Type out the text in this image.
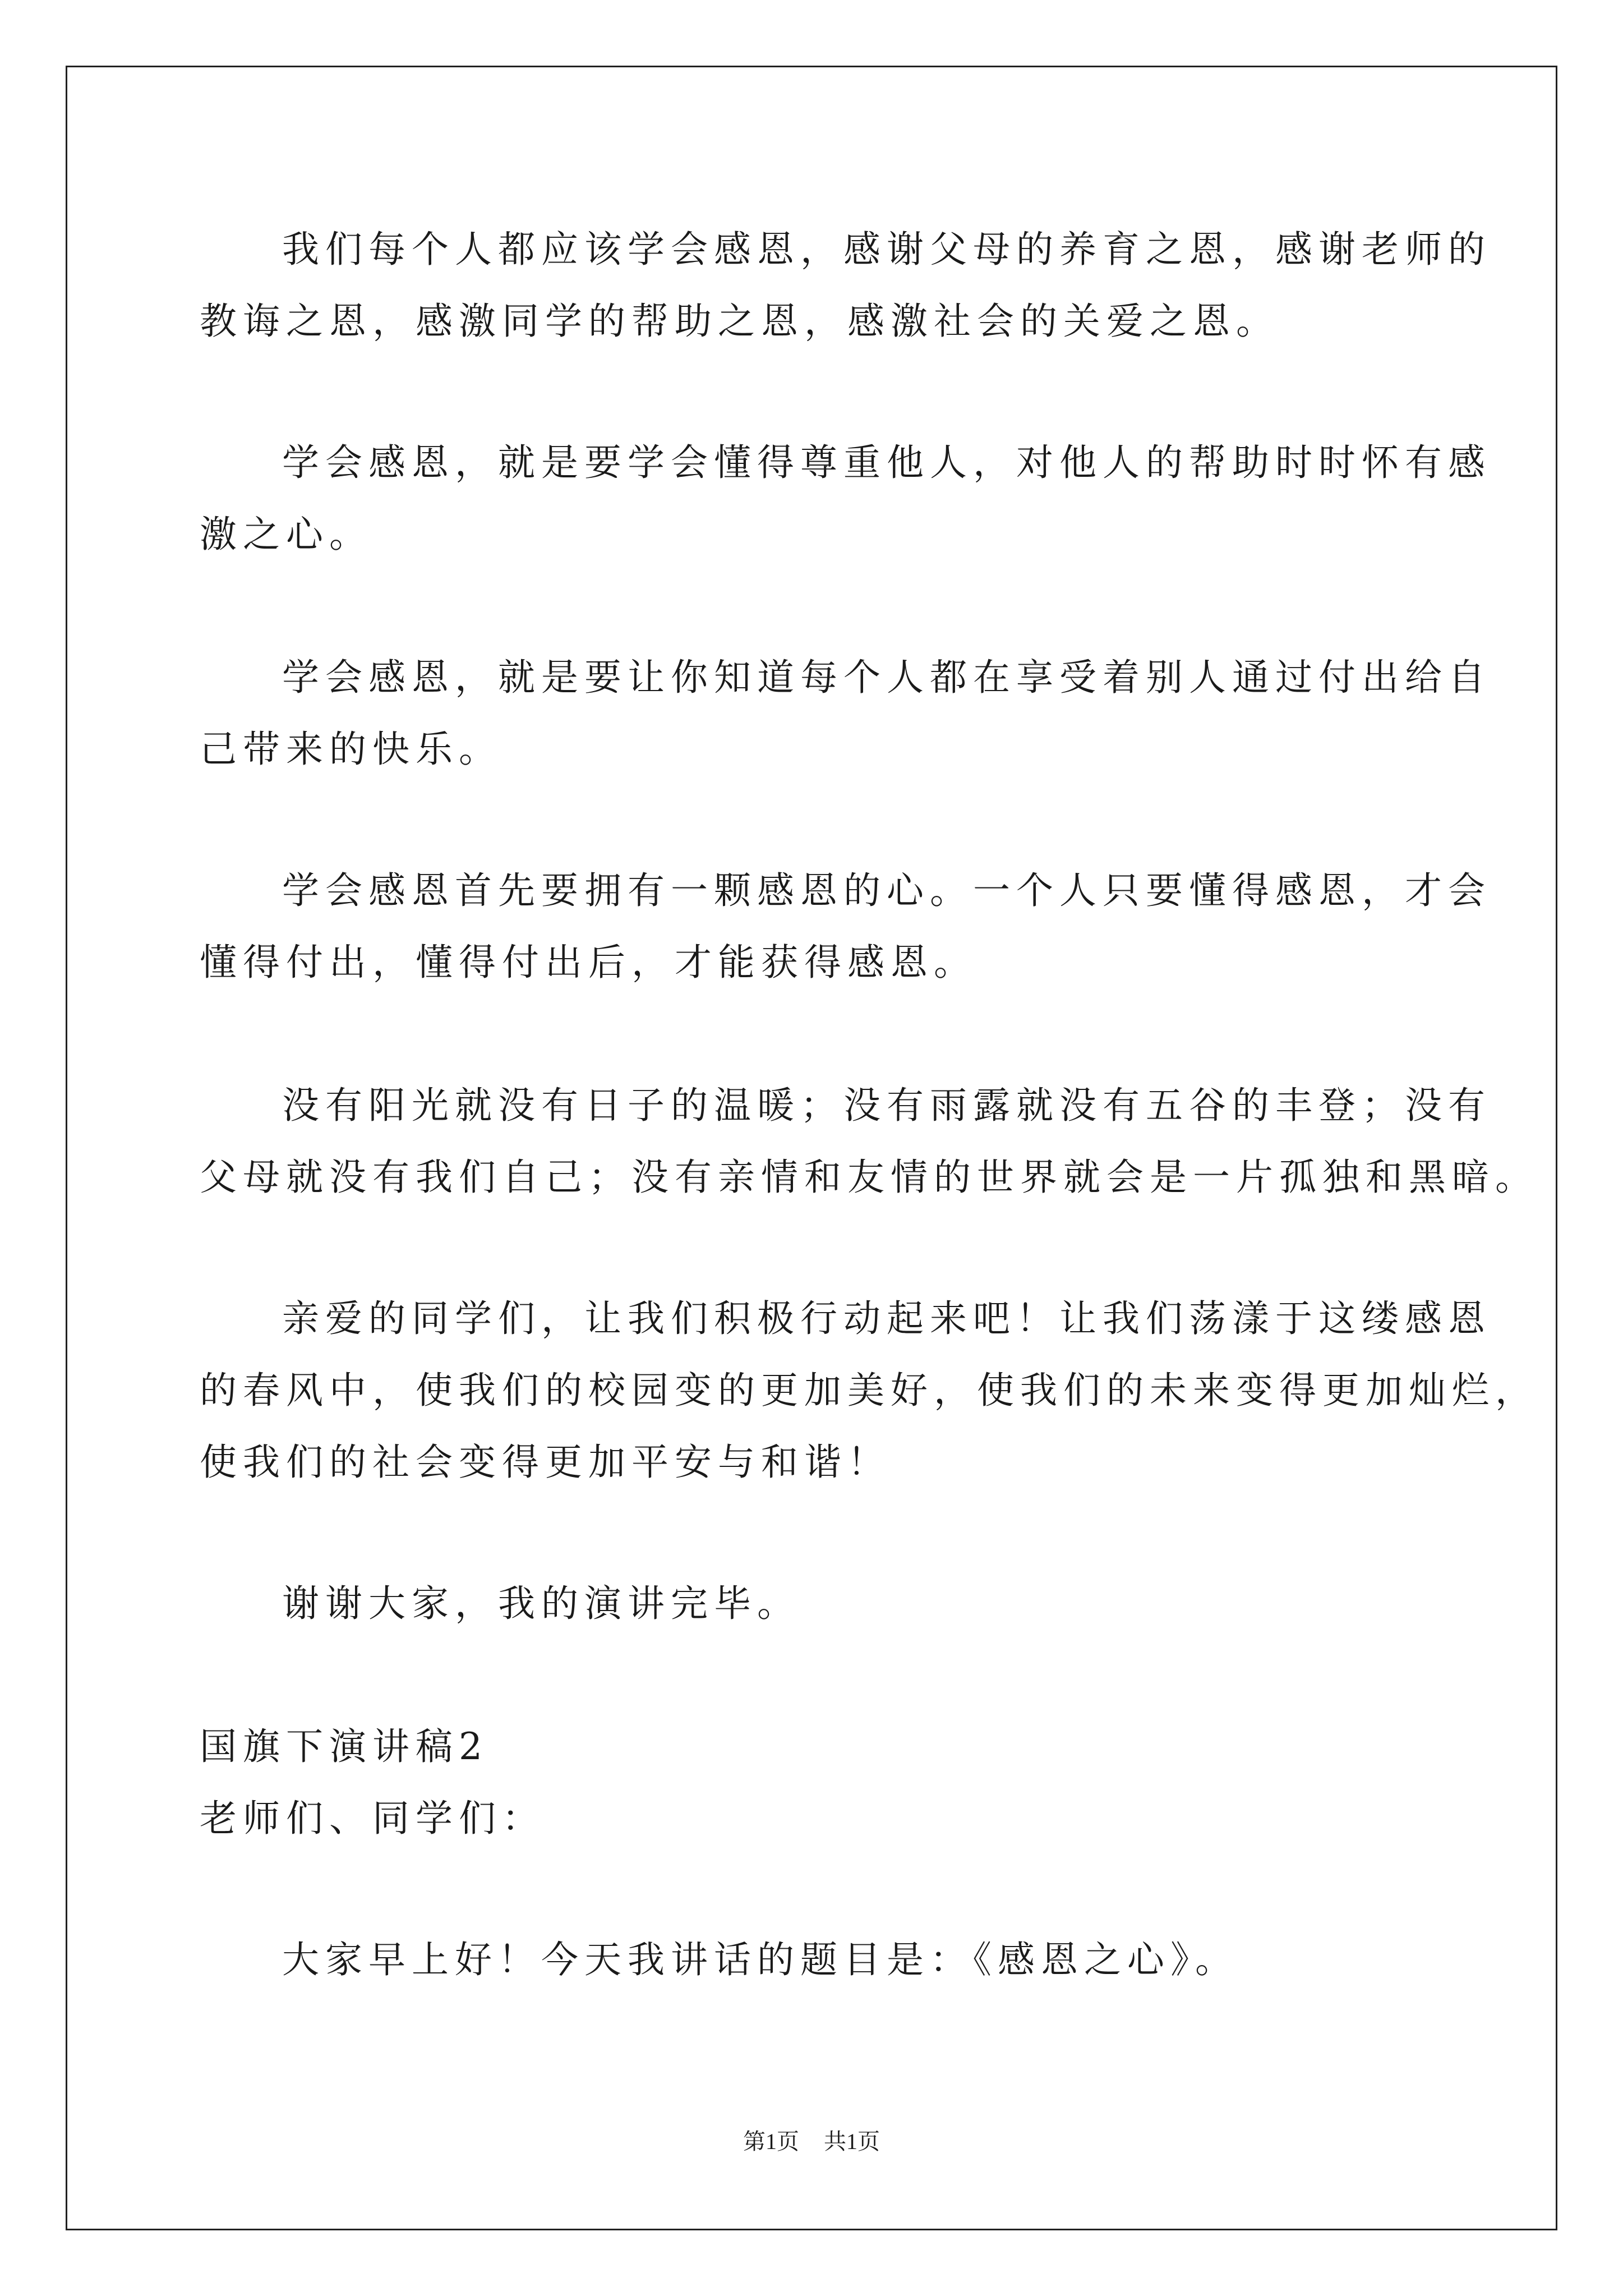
我们每个人都应该学会感恩，感谢父母的养育之恩，感谢老师的
教诲之恩，感激同学的帮助之恩，感激社会的关爱之恩。
学会感恩，就是要学会懂得尊重他人，对他人的帮助时时怀有感
激之心。
学会感恩，就是要让你知道每个人都在享受着别人通过付出给自
己带来的快乐。
学会感恩首先要拥有一颗感恩的心。一个人只要懂得感恩，才会
懂得付出，懂得付出后，才能获得感恩。
没有阳光就没有日子的温暖；没有雨露就没有五谷的丰登；没有
父母就没有我们自己；没有亲情和友情的世界就会是一片孤独和黑暗。
亲爱的同学们，让我们积极行动起来吧！让我们荡漾于这缕感恩
的春风中，使我们的校园变的更加美好，使我们的未来变得更加灿烂，
使我们的社会变得更加平安与和谐！
谢谢大家，我的演讲完毕。
国旗下演讲稿2
老师们、同学们：
大家早上好！今天我讲话的题目是：《感恩之心》。
第1页 共1页
